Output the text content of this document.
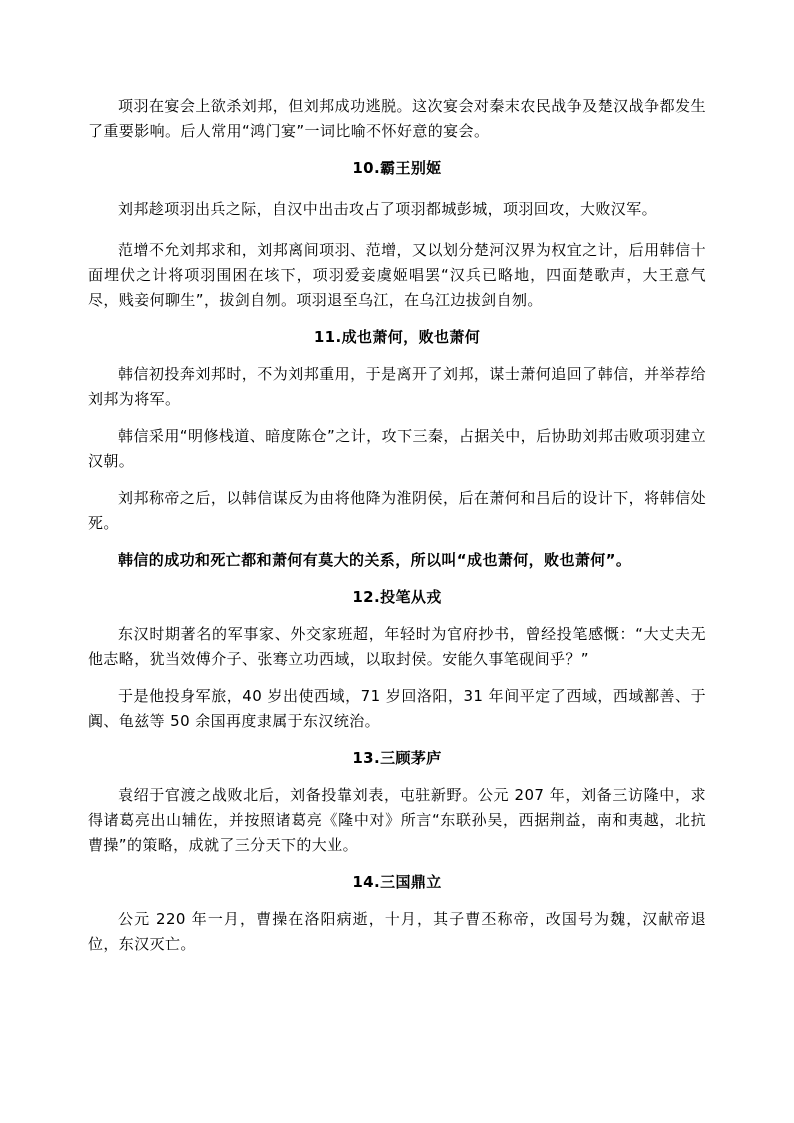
项羽在宴会上欲杀刘邦，但刘邦成功逃脱。这次宴会对秦末农民战争及楚汉战争都发生了重要影响。后人常用“鸿门宴”一词比喻不怀好意的宴会。

10.霸王别姬

刘邦趁项羽出兵之际，自汉中出击攻占了项羽都城彭城，项羽回攻，大败汉军。

范增不允刘邦求和，刘邦离间项羽、范增，又以划分楚河汉界为权宜之计，后用韩信十面埋伏之计将项羽围困在垓下，项羽爱妾虞姬唱罢“汉兵已略地，四面楚歌声，大王意气尽，贱妾何聊生”，拔剑自刎。项羽退至乌江，在乌江边拔剑自刎。

11.成也萧何，败也萧何

韩信初投奔刘邦时，不为刘邦重用，于是离开了刘邦，谋士萧何追回了韩信，并举荐给刘邦为将军。

韩信采用“明修栈道、暗度陈仓”之计，攻下三秦，占据关中，后协助刘邦击败项羽建立汉朝。

刘邦称帝之后，以韩信谋反为由将他降为淮阴侯，后在萧何和吕后的设计下，将韩信处死。

韩信的成功和死亡都和萧何有莫大的关系，所以叫“成也萧何，败也萧何”。

12.投笔从戎

东汉时期著名的军事家、外交家班超，年轻时为官府抄书，曾经投笔感慨：“大丈夫无他志略，犹当效傅介子、张骞立功西域，以取封侯。安能久事笔砚间乎？”

于是他投身军旅，40 岁出使西域，71 岁回洛阳，31 年间平定了西域，西域鄯善、于阗、龟兹等 50 余国再度隶属于东汉统治。

13.三顾茅庐

袁绍于官渡之战败北后，刘备投靠刘表，屯驻新野。公元 207 年，刘备三访隆中，求得诸葛亮出山辅佐，并按照诸葛亮《隆中对》所言“东联孙吴，西据荆益，南和夷越，北抗曹操”的策略，成就了三分天下的大业。

14.三国鼎立

公元 220 年一月，曹操在洛阳病逝，十月，其子曹丕称帝，改国号为魏，汉献帝退位，东汉灭亡。
